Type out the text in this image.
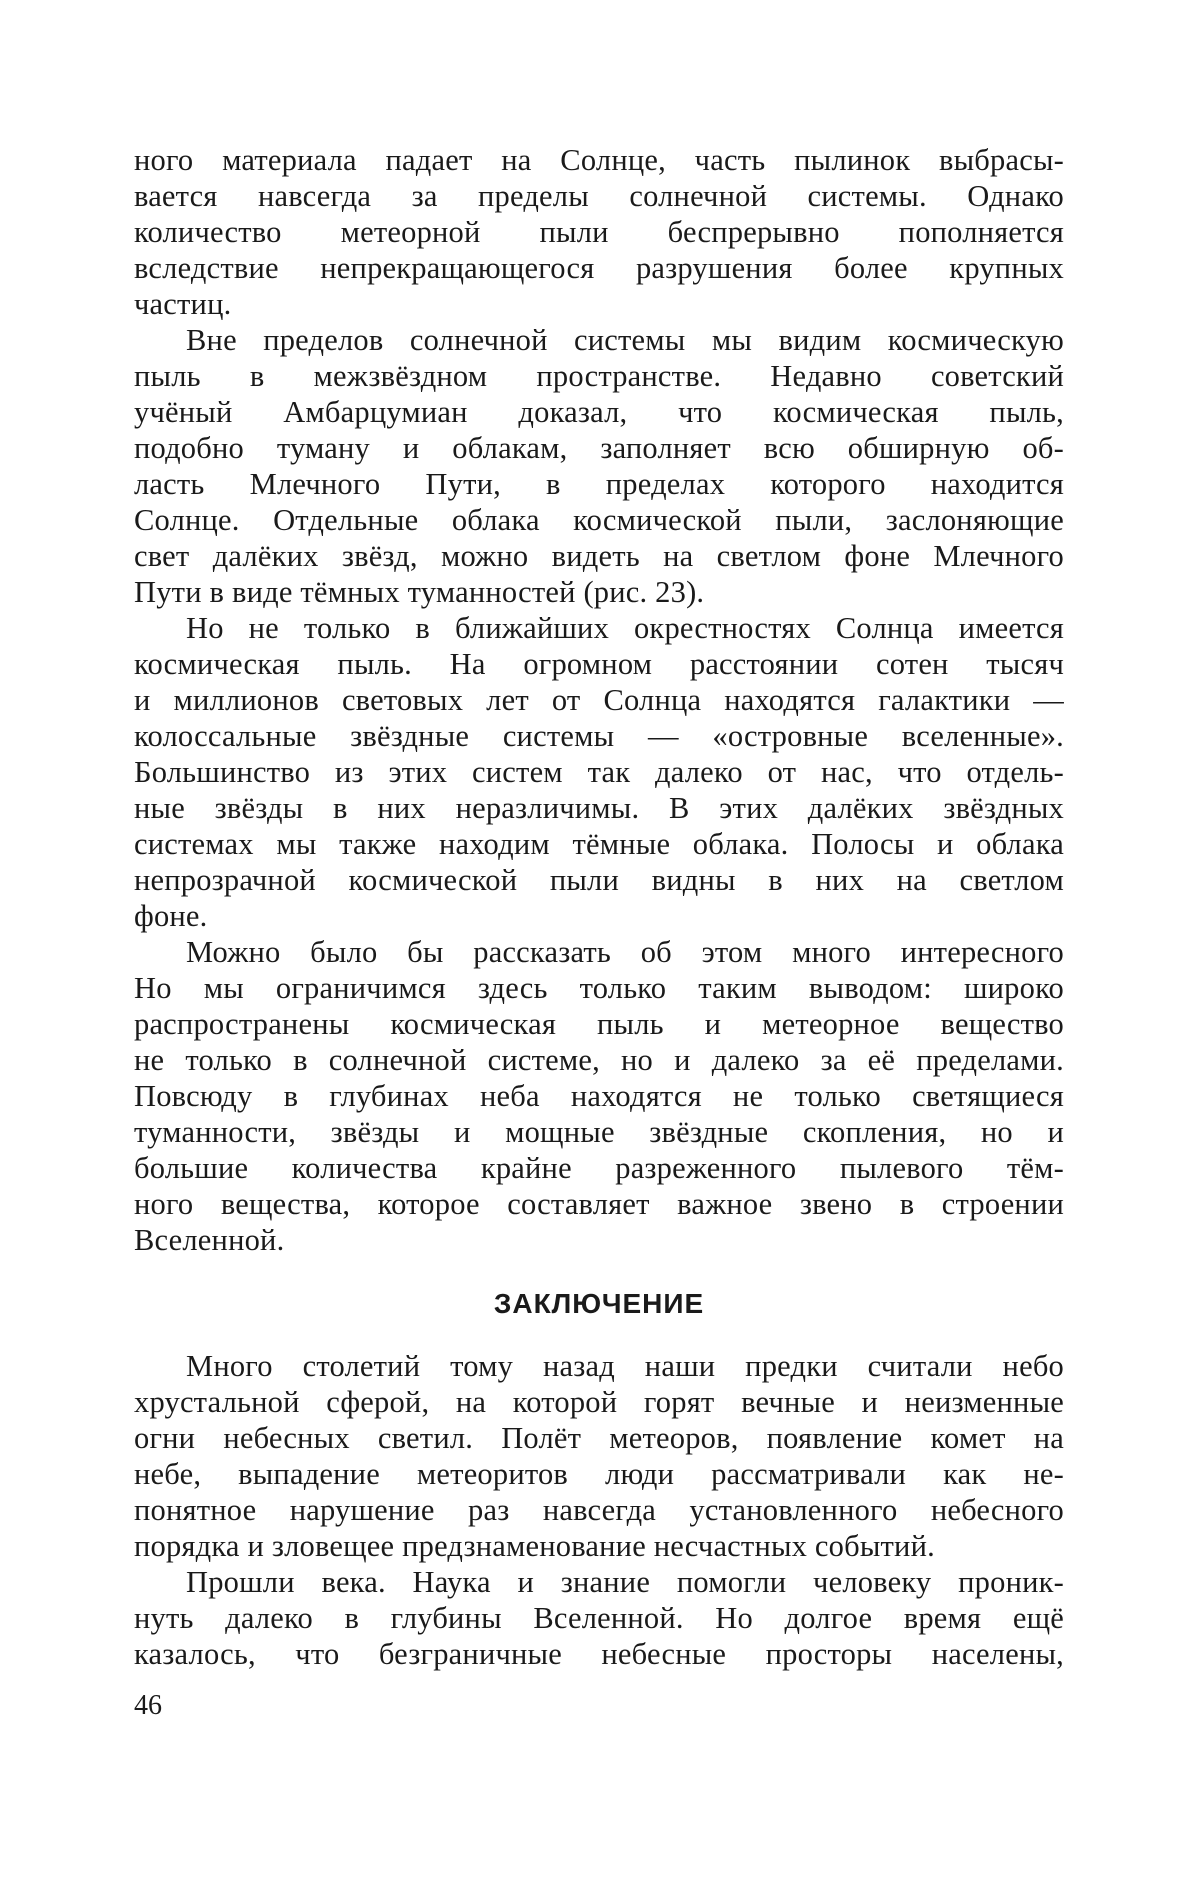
ного материала падает на Солнце, часть пылинок выбрасы-
вается навсегда за пределы солнечной системы. Однако
количество метеорной пыли беспрерывно пополняется
вследствие непрекращающегося разрушения более крупных
частиц.
Вне пределов солнечной системы мы видим космическую
пыль в межзвёздном пространстве. Недавно советский
учёный Амбарцумиан доказал, что космическая пыль,
подобно туману и облакам, заполняет всю обширную об-
ласть Млечного Пути, в пределах которого находится
Солнце. Отдельные облака космической пыли, заслоняющие
свет далёких звёзд, можно видеть на светлом фоне Млечного
Пути в виде тёмных туманностей (рис. 23).
Но не только в ближайших окрестностях Солнца имеется
космическая пыль. На огромном расстоянии сотен тысяч
и миллионов световых лет от Солнца находятся галактики —
колоссальные звёздные системы — «островные вселенные».
Большинство из этих систем так далеко от нас, что отдель-
ные звёзды в них неразличимы. В этих далёких звёздных
системах мы также находим тёмные облака. Полосы и облака
непрозрачной космической пыли видны в них на светлом
фоне.
Можно было бы рассказать об этом много интересного
Но мы ограничимся здесь только таким выводом: широко
распространены космическая пыль и метеорное вещество
не только в солнечной системе, но и далеко за её пределами.
Повсюду в глубинах неба находятся не только светящиеся
туманности, звёзды и мощные звёздные скопления, но и
большие количества крайне разреженного пылевого тём-
ного вещества, которое составляет важное звено в строении
Вселенной.
ЗАКЛЮЧЕНИЕ
Много столетий тому назад наши предки считали небо
хрустальной сферой, на которой горят вечные и неизменные
огни небесных светил. Полёт метеоров, появление комет на
небе, выпадение метеоритов люди рассматривали как не-
понятное нарушение раз навсегда установленного небесного
порядка и зловещее предзнаменование несчастных событий.
Прошли века. Наука и знание помогли человеку проник-
нуть далеко в глубины Вселенной. Но долгое время ещё
казалось, что безграничные небесные просторы населены,
46
